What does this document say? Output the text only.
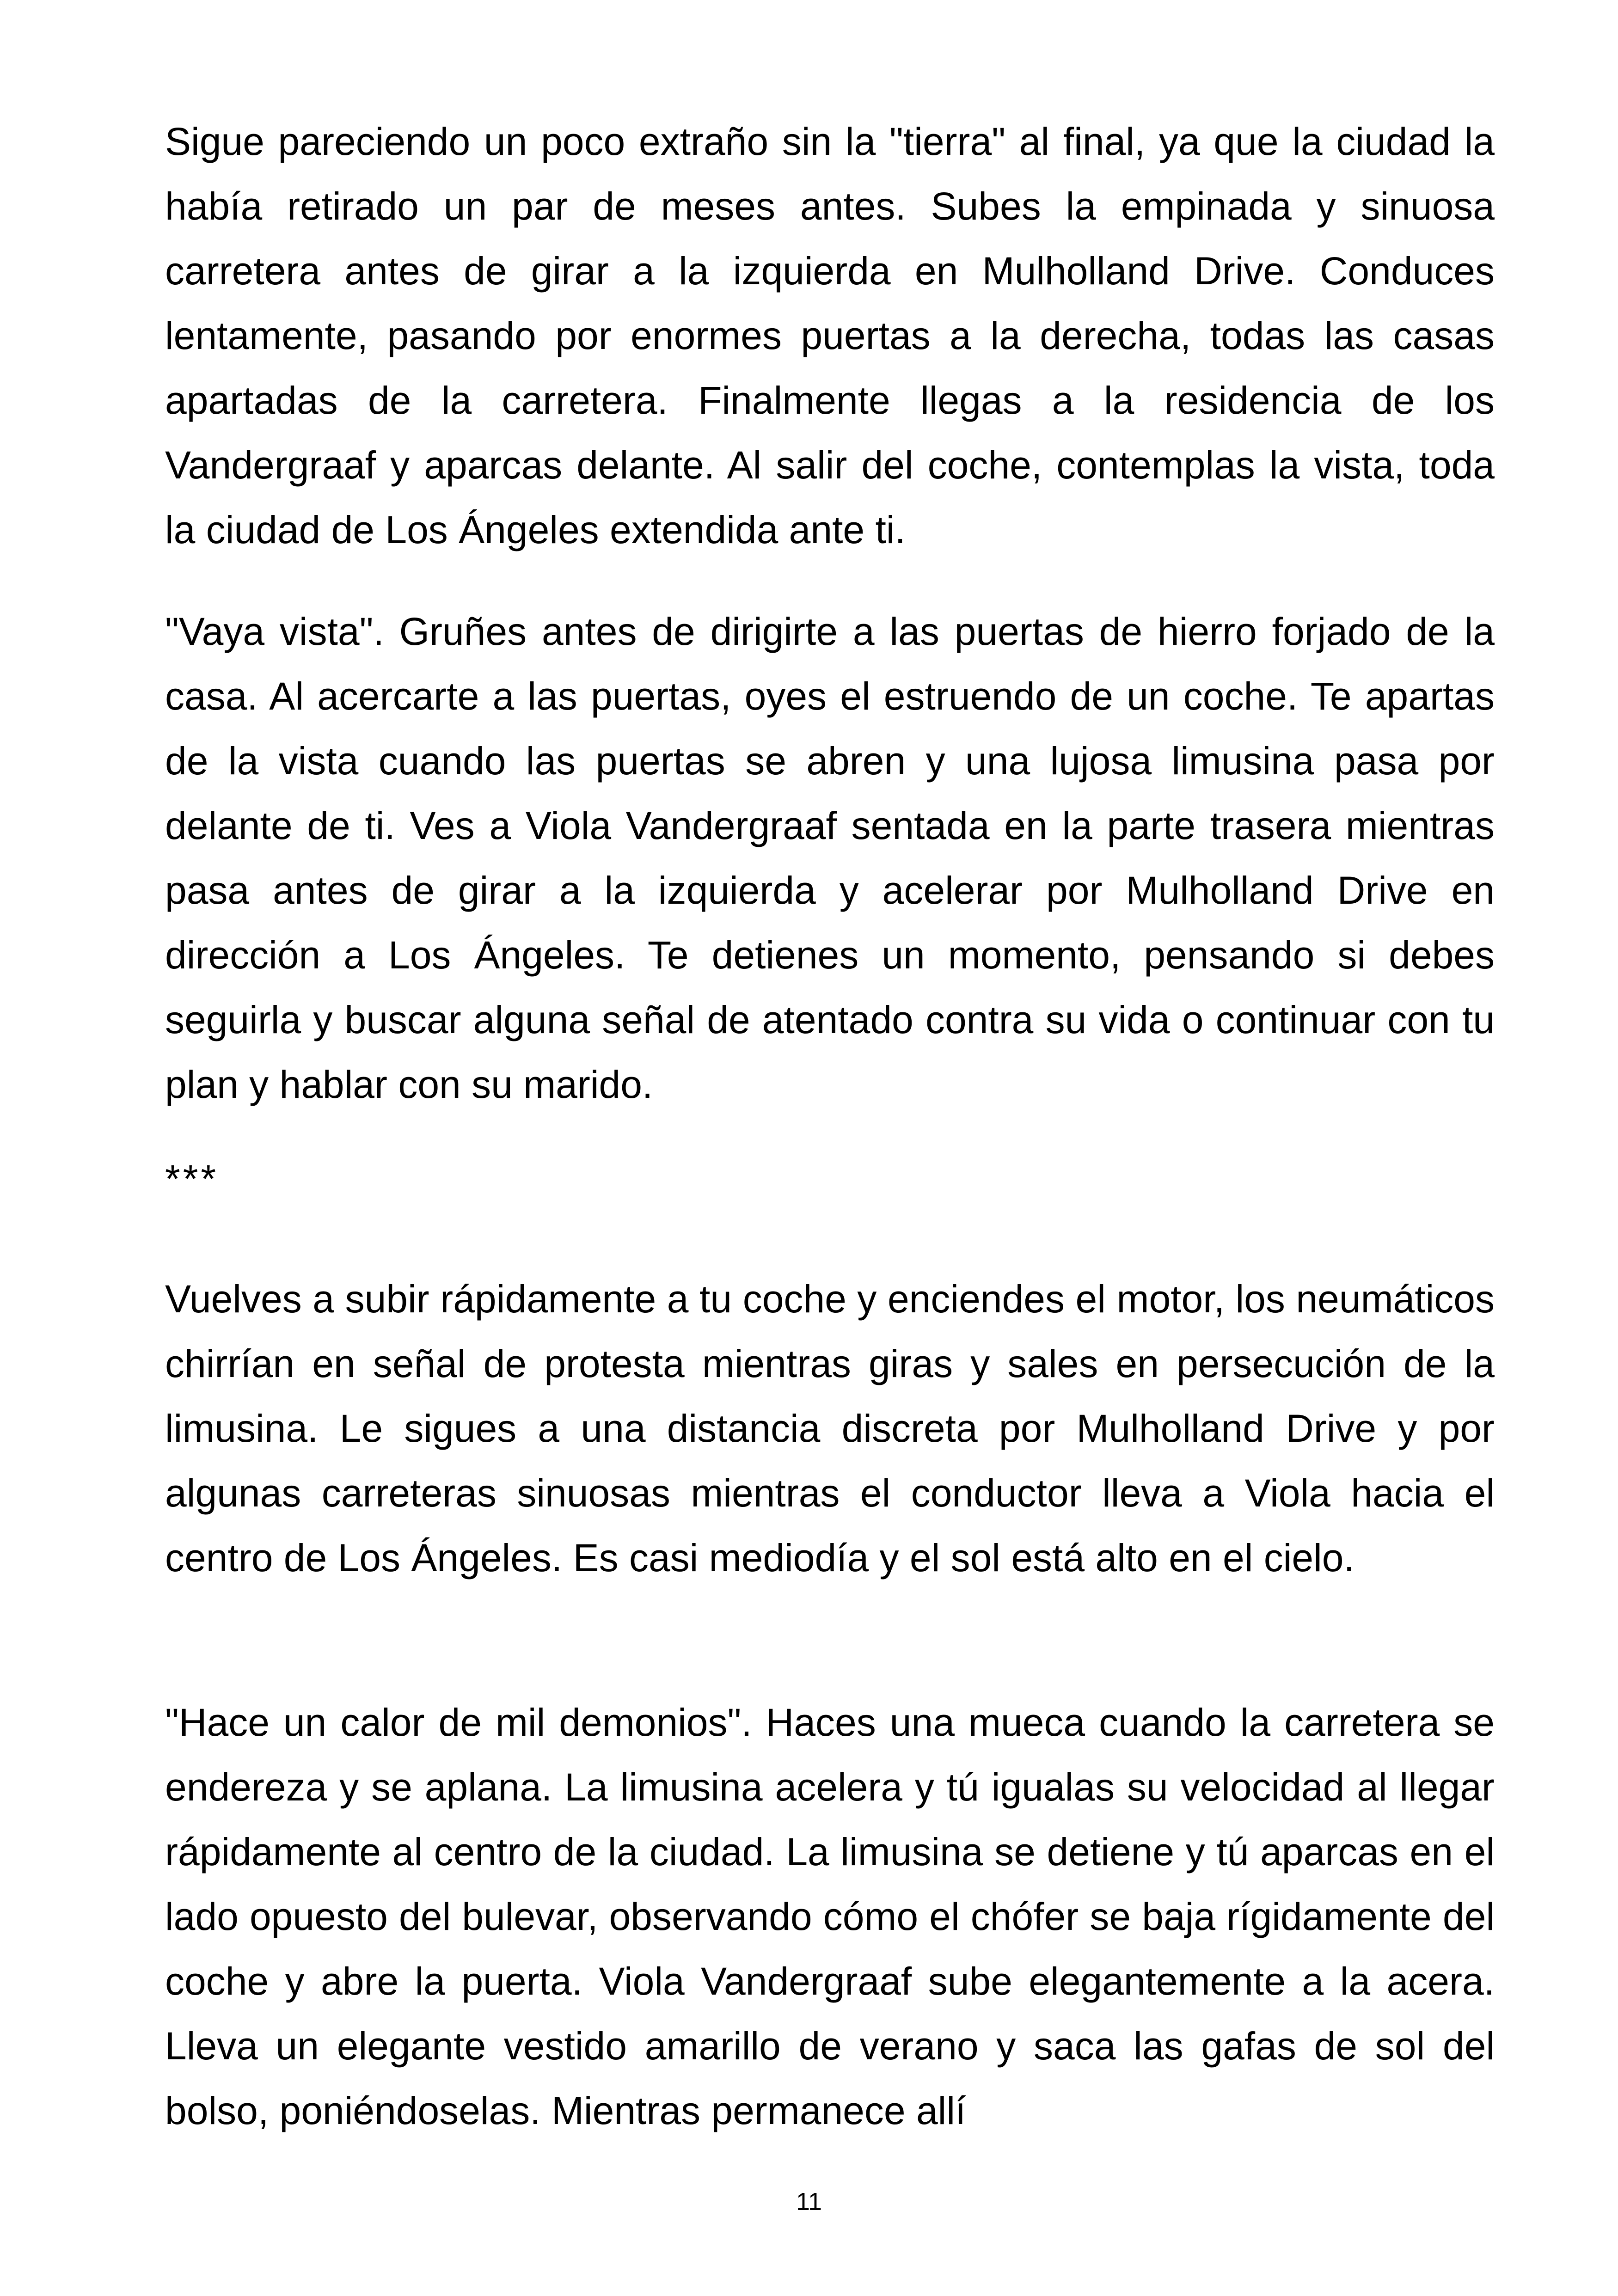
Sigue pareciendo un poco extraño sin la "tierra" al final, ya que la ciudad la había retirado un par de meses antes. Subes la empinada y sinuosa carretera antes de girar a la izquierda en Mulholland Drive. Conduces lentamente, pasando por enormes puertas a la derecha, todas las casas apartadas de la carretera. Finalmente llegas a la residencia de los Vandergraaf y aparcas delante. Al salir del coche, contemplas la vista, toda la ciudad de Los Ángeles extendida ante ti.

"Vaya vista". Gruñes antes de dirigirte a las puertas de hierro forjado de la casa. Al acercarte a las puertas, oyes el estruendo de un coche. Te apartas de la vista cuando las puertas se abren y una lujosa limusina pasa por delante de ti. Ves a Viola Vandergraaf sentada en la parte trasera mientras pasa antes de girar a la izquierda y acelerar por Mulholland Drive en dirección a Los Ángeles. Te detienes un momento, pensando si debes seguirla y buscar alguna señal de atentado contra su vida o continuar con tu plan y hablar con su marido.

***

Vuelves a subir rápidamente a tu coche y enciendes el motor, los neumáticos chirrían en señal de protesta mientras giras y sales en persecución de la limusina. Le sigues a una distancia discreta por Mulholland Drive y por algunas carreteras sinuosas mientras el conductor lleva a Viola hacia el centro de Los Ángeles. Es casi mediodía y el sol está alto en el cielo.

"Hace un calor de mil demonios". Haces una mueca cuando la carretera se endereza y se aplana. La limusina acelera y tú igualas su velocidad al llegar rápidamente al centro de la ciudad. La limusina se detiene y tú aparcas en el lado opuesto del bulevar, observando cómo el chófer se baja rígidamente del coche y abre la puerta. Viola Vandergraaf sube elegantemente a la acera. Lleva un elegante vestido amarillo de verano y saca las gafas de sol del bolso, poniéndoselas. Mientras permanece allí

11
